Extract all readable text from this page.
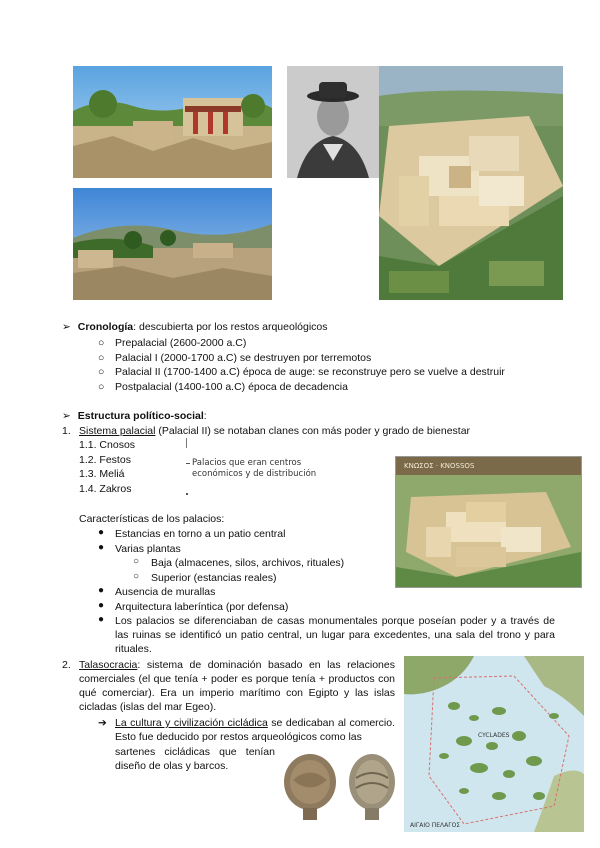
➢ Cronología: descubierta por los restos arqueológicos
○ Prepalacial (2600-2000 a.C)
○ Palacial I (2000-1700 a.C) se destruyen por terremotos
○ Palacial II (1700-1400 a.C) época de auge: se reconstruye pero se vuelve a destruir
○ Postpalacial (1400-100 a.C) época de decadencia
➢ Estructura político-social:
1. Sistema palacial (Palacial II) se notaban clanes con más poder y grado de bienestar
1.1. Cnosos
1.2. Festos
1.3. Meliá
1.4. Zakros
Palacios que eran centros
económicos y de distribución
ΚΝΩΣΟΣ · KNOSSOS
Características de los palacios:
● Estancias en torno a un patio central
● Varias plantas
○ Baja (almacenes, silos, archivos, rituales)
○ Superior (estancias reales)
● Ausencia de murallas
● Arquitectura laberíntica (por defensa)
● Los palacios se diferenciaban de casas monumentales porque poseían poder y a través de las ruinas se identificó un patio central, un lugar para excedentes, una sala del trono y para rituales.
2. Talasocracia: sistema de dominación basado en las relaciones comerciales (el que tenía + poder es porque tenía + productos con qué comerciar). Era un imperio marítimo con Egipto y las islas cicladas (islas del mar Egeo).
➔ La cultura y civilización cicládica se dedicaban al comercio. Esto fue deducido por restos arqueológicos como las	CYCLADES
ΑΙΓΑΙΟ ΠΕΛΑΓΟΣ
sartenes cicládicas que tenían diseño de olas y barcos.
